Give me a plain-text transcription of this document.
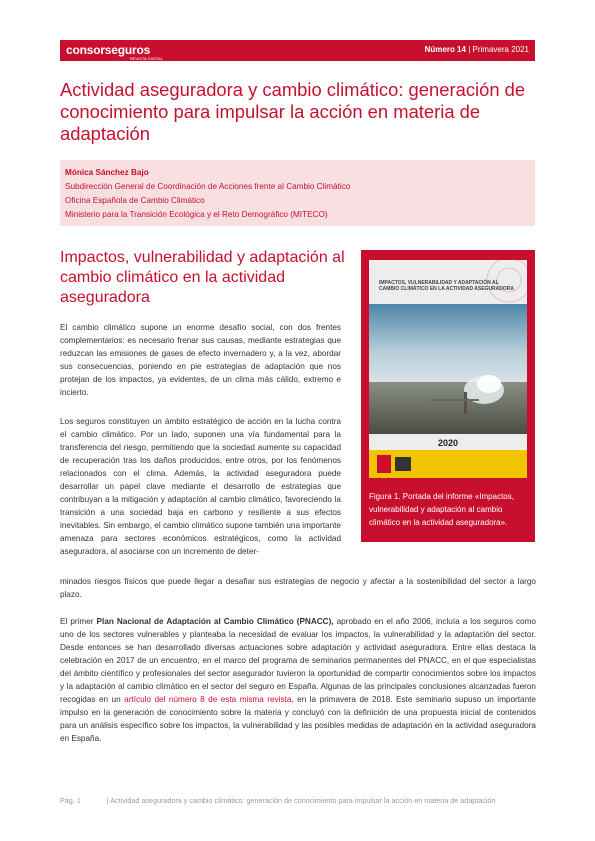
consorseguros
REVISTA DIGITAL
Número 14 | Primavera 2021
Actividad aseguradora y cambio climático: generación de conocimiento para impulsar la acción en materia de adaptación
Mónica Sánchez Bajo
Subdirección General de Coordinación de Acciones frente al Cambio Climático
Oficina Española de Cambio Climático
Ministerio para la Transición Ecológica y el Reto Demográfico (MITECO)
Impactos, vulnerabilidad y adaptación al cambio climático en la actividad aseguradora

El cambio climático supone un enorme desafío social, con dos frentes complementarios: es necesario frenar sus causas, mediante estrategias que reduzcan las emisiones de gases de efecto invernadero y, a la vez, abordar sus consecuencias, poniendo en pie estrategias de adaptación que nos protejan de los impactos, ya evidentes, de un clima más cálido, extremo e incierto.

Los seguros constituyen un ámbito estratégico de acción en la lucha contra el cambio climático. Por un lado, suponen una vía fundamental para la transferencia del riesgo, permitiendo que la sociedad aumente su capacidad de recuperación tras los daños producidos, entre otros, por los fenómenos relacionados con el clima. Además, la actividad aseguradora puede desarrollar un papel clave mediante el desarrollo de estrategias que contribuyan a la mitigación y adaptación al cambio climático, favoreciendo la transición a una sociedad baja en carbono y resiliente a sus efectos inevitables. Sin embargo, el cambio climático supone también una importante amenaza para sectores económicos estratégicos, como la actividad aseguradora, al asociarse con un incremento de deter-

minados riesgos físicos que puede llegar a desafiar sus estrategias de negocio y afectar a la sostenibilidad del sector a largo plazo.

El primer Plan Nacional de Adaptación al Cambio Climático (PNACC), aprobado en el año 2006, incluía a los seguros como uno de los sectores vulnerables y planteaba la necesidad de evaluar los impactos, la vulnerabilidad y la adaptación del sector. Desde entonces se han desarrollado diversas actuaciones sobre adaptación y actividad aseguradora. Entre ellas destaca la celebración en 2017 de un encuentro, en el marco del programa de seminarios permanentes del PNACC, en el que especialistas del ámbito científico y profesionales del sector asegurador tuvieron la oportunidad de compartir conocimientos sobre los impactos y la adaptación al cambio climático en el sector del seguro en España. Algunas de las principales conclusiones alcanzadas fueron recogidas en un artículo del número 8 de esta misma revista, en la primavera de 2018. Este seminario supuso un importante impulso en la generación de conocimiento sobre la materia y concluyó con la definición de una propuesta inicial de contenidos para un análisis específico sobre los impactos, la vulnerabilidad y las posibles medidas de adaptación en la actividad aseguradora en España.

IMPACTOS, VULNERABILIDAD Y ADAPTACIÓN AL CAMBIO CLIMÁTICO EN LA ACTIVIDAD ASEGURADORA
2020

Figura 1. Portada del informe «Impactos, vulnerabilidad y adaptación al cambio climático en la actividad aseguradora».

Pág. 1	| Actividad aseguradora y cambio climático: generación de conocimiento para impulsar la acción en materia de adaptación
